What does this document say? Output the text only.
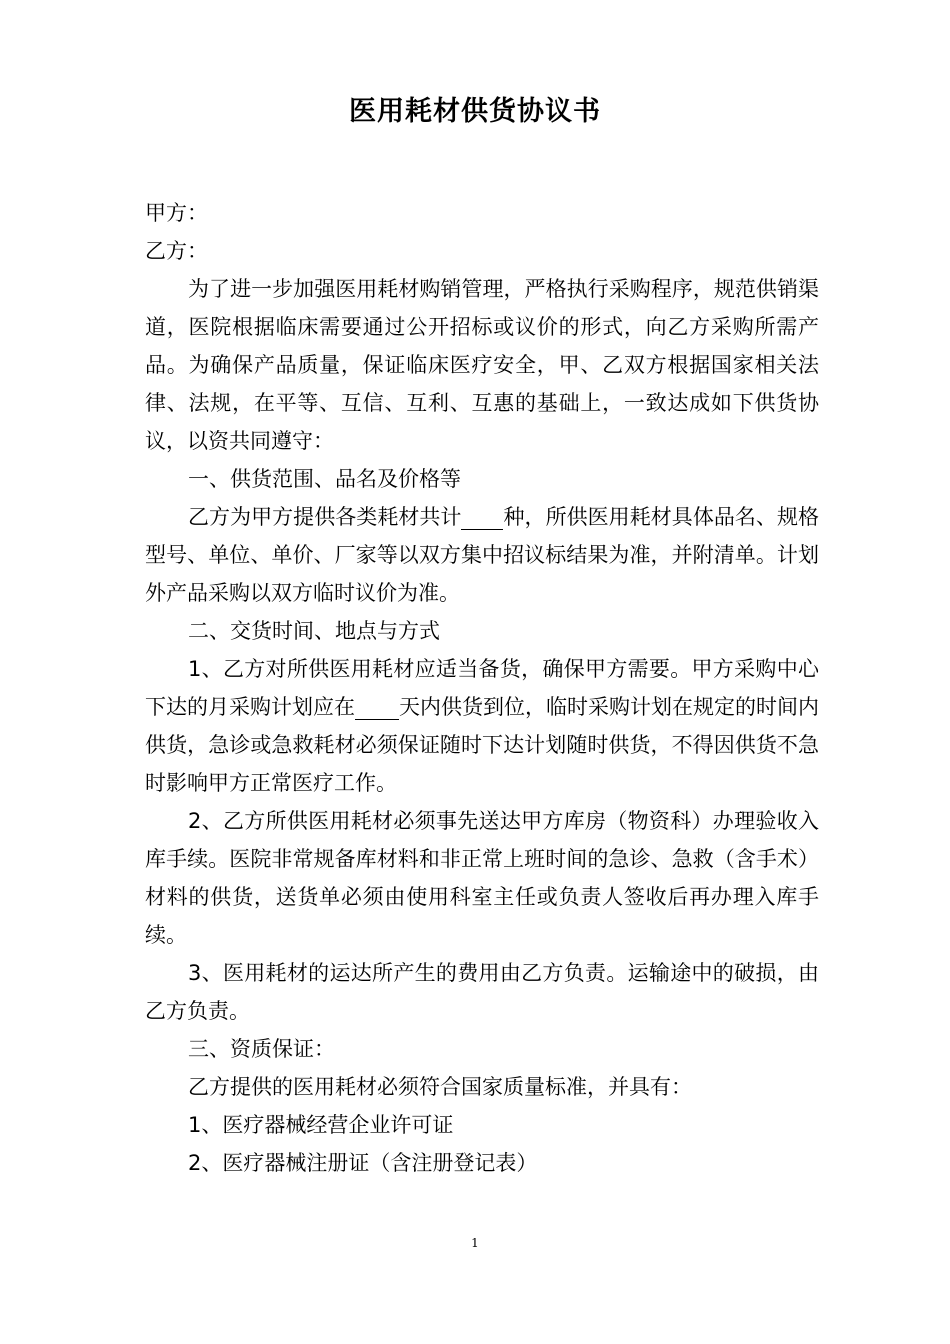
医用耗材供货协议书

甲方：

乙方：

为了进一步加强医用耗材购销管理，严格执行采购程序，规范供销渠道，医院根据临床需要通过公开招标或议价的形式，向乙方采购所需产品。为确保产品质量，保证临床医疗安全，甲、乙双方根据国家相关法律、法规，在平等、互信、互利、互惠的基础上，一致达成如下供货协议，以资共同遵守：

一、供货范围、品名及价格等

乙方为甲方提供各类耗材共计 种，所供医用耗材具体品名、规格型号、单位、单价、厂家等以双方集中招议标结果为准，并附清单。计划外产品采购以双方临时议价为准。

二、交货时间、地点与方式

1、乙方对所供医用耗材应适当备货，确保甲方需要。甲方采购中心下达的月采购计划应在 天内供货到位，临时采购计划在规定的时间内供货，急诊或急救耗材必须保证随时下达计划随时供货，不得因供货不急时影响甲方正常医疗工作。

2、乙方所供医用耗材必须事先送达甲方库房（物资科）办理验收入库手续。医院非常规备库材料和非正常上班时间的急诊、急救（含手术）材料的供货，送货单必须由使用科室主任或负责人签收后再办理入库手续。

3、医用耗材的运达所产生的费用由乙方负责。运输途中的破损，由乙方负责。

三、资质保证：

乙方提供的医用耗材必须符合国家质量标准，并具有：

1、医疗器械经营企业许可证

2、医疗器械注册证（含注册登记表）

1
